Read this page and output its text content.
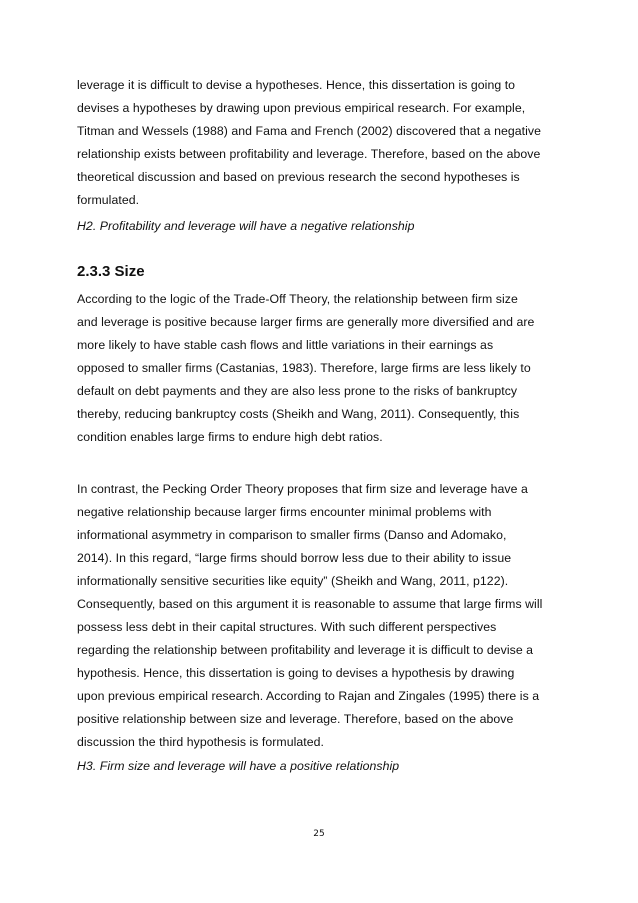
leverage it is difficult to devise a hypotheses. Hence, this dissertation is going to
devises a hypotheses by drawing upon previous empirical research. For example,
Titman and Wessels (1988) and Fama and French (2002) discovered that a negative
relationship exists between profitability and leverage. Therefore, based on the above
theoretical discussion and based on previous research the second hypotheses is
formulated.
H2. Profitability and leverage will have a negative relationship
2.3.3 Size
According to the logic of the Trade-Off Theory, the relationship between firm size
and leverage is positive because larger firms are generally more diversified and are
more likely to have stable cash flows and little variations in their earnings as
opposed to smaller firms (Castanias, 1983). Therefore, large firms are less likely to
default on debt payments and they are also less prone to the risks of bankruptcy
thereby, reducing bankruptcy costs (Sheikh and Wang, 2011). Consequently, this
condition enables large firms to endure high debt ratios.
In contrast, the Pecking Order Theory proposes that firm size and leverage have a
negative relationship because larger firms encounter minimal problems with
informational asymmetry in comparison to smaller firms (Danso and Adomako,
2014). In this regard, “large firms should borrow less due to their ability to issue
informationally sensitive securities like equity” (Sheikh and Wang, 2011, p122).
Consequently, based on this argument it is reasonable to assume that large firms will
possess less debt in their capital structures. With such different perspectives
regarding the relationship between profitability and leverage it is difficult to devise a
hypothesis. Hence, this dissertation is going to devises a hypothesis by drawing
upon previous empirical research. According to Rajan and Zingales (1995) there is a
positive relationship between size and leverage. Therefore, based on the above
discussion the third hypothesis is formulated.
H3. Firm size and leverage will have a positive relationship
25
